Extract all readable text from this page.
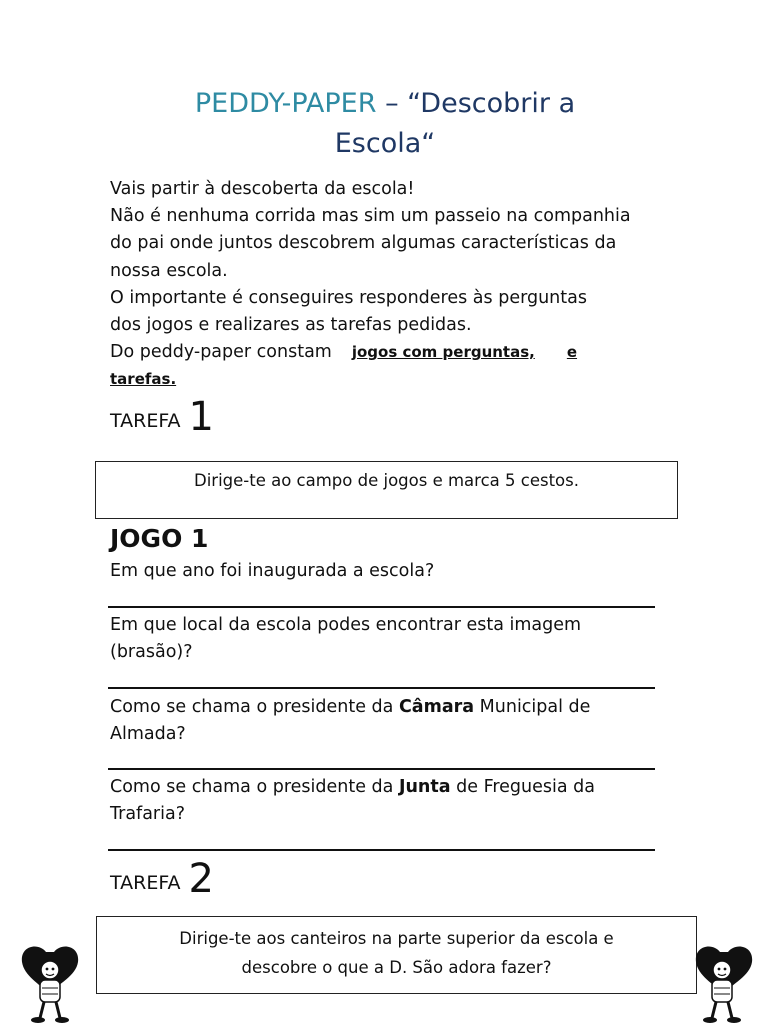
PEDDY-PAPER – “Descobrir a
Escola“

Vais partir à descoberta da escola!

Não é nenhuma corrida mas sim um passeio na companhia

do pai onde juntos descobrem algumas características da

nossa escola.

O importante é conseguires responderes às perguntas

dos jogos e realizares as tarefas pedidas.

Do peddy-paper constam jogos com perguntas, e

tarefas.

TAREFA 1
Dirige-te ao campo de jogos e marca 5 cestos.
JOGO 1
Em que ano foi inaugurada a escola?
Em que local da escola podes encontrar esta imagem
(brasão)?
Como se chama o presidente da Câmara Municipal de
Almada?
Como se chama o presidente da Junta de Freguesia da
Trafaria?
TAREFA 2
Dirige-te aos canteiros na parte superior da escola e
descobre o que a D. São adora fazer?
